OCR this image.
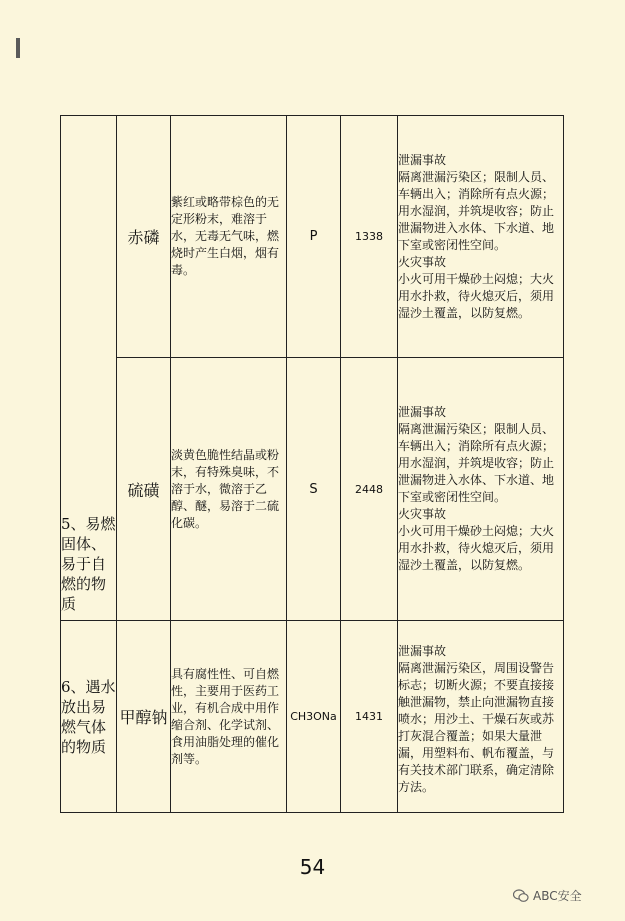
5、易燃固体、易于自燃的物质	赤磷	紫红或略带棕色的无定形粉末，难溶于水，无毒无气味，燃烧时产生白烟，烟有毒。	P	1338	泄漏事故
隔离泄漏污染区；限制人员、车辆出入；消除所有点火源；用水湿润，并筑堤收容；防止泄漏物进入水体、下水道、地下室或密闭性空间。
火灾事故
小火可用干燥砂土闷熄；大火用水扑救，待火熄灭后，须用湿沙土覆盖，以防复燃。

	硫磺	淡黄色脆性结晶或粉末，有特殊臭味，不溶于水，微溶于乙醇、醚，易溶于二硫化碳。	S	2448	泄漏事故
隔离泄漏污染区；限制人员、车辆出入；消除所有点火源；用水湿润，并筑堤收容；防止泄漏物进入水体、下水道、地下室或密闭性空间。
火灾事故
小火可用干燥砂土闷熄；大火用水扑救，待火熄灭后，须用湿沙土覆盖，以防复燃。

6、遇水放出易燃气体的物质	甲醇钠	具有腐性性、可自燃性，主要用于医药工业，有机合成中用作缩合剂、化学试剂、食用油脂处理的催化剂等。	CH3ONa	1431	泄漏事故
隔离泄漏污染区，周围设警告标志；切断火源；不要直接接触泄漏物，禁止向泄漏物直接喷水；用沙土、干燥石灰或苏打灰混合覆盖；如果大量泄漏，用塑料布、帆布覆盖，与有关技术部门联系，确定清除方法。
54
ABC安全
